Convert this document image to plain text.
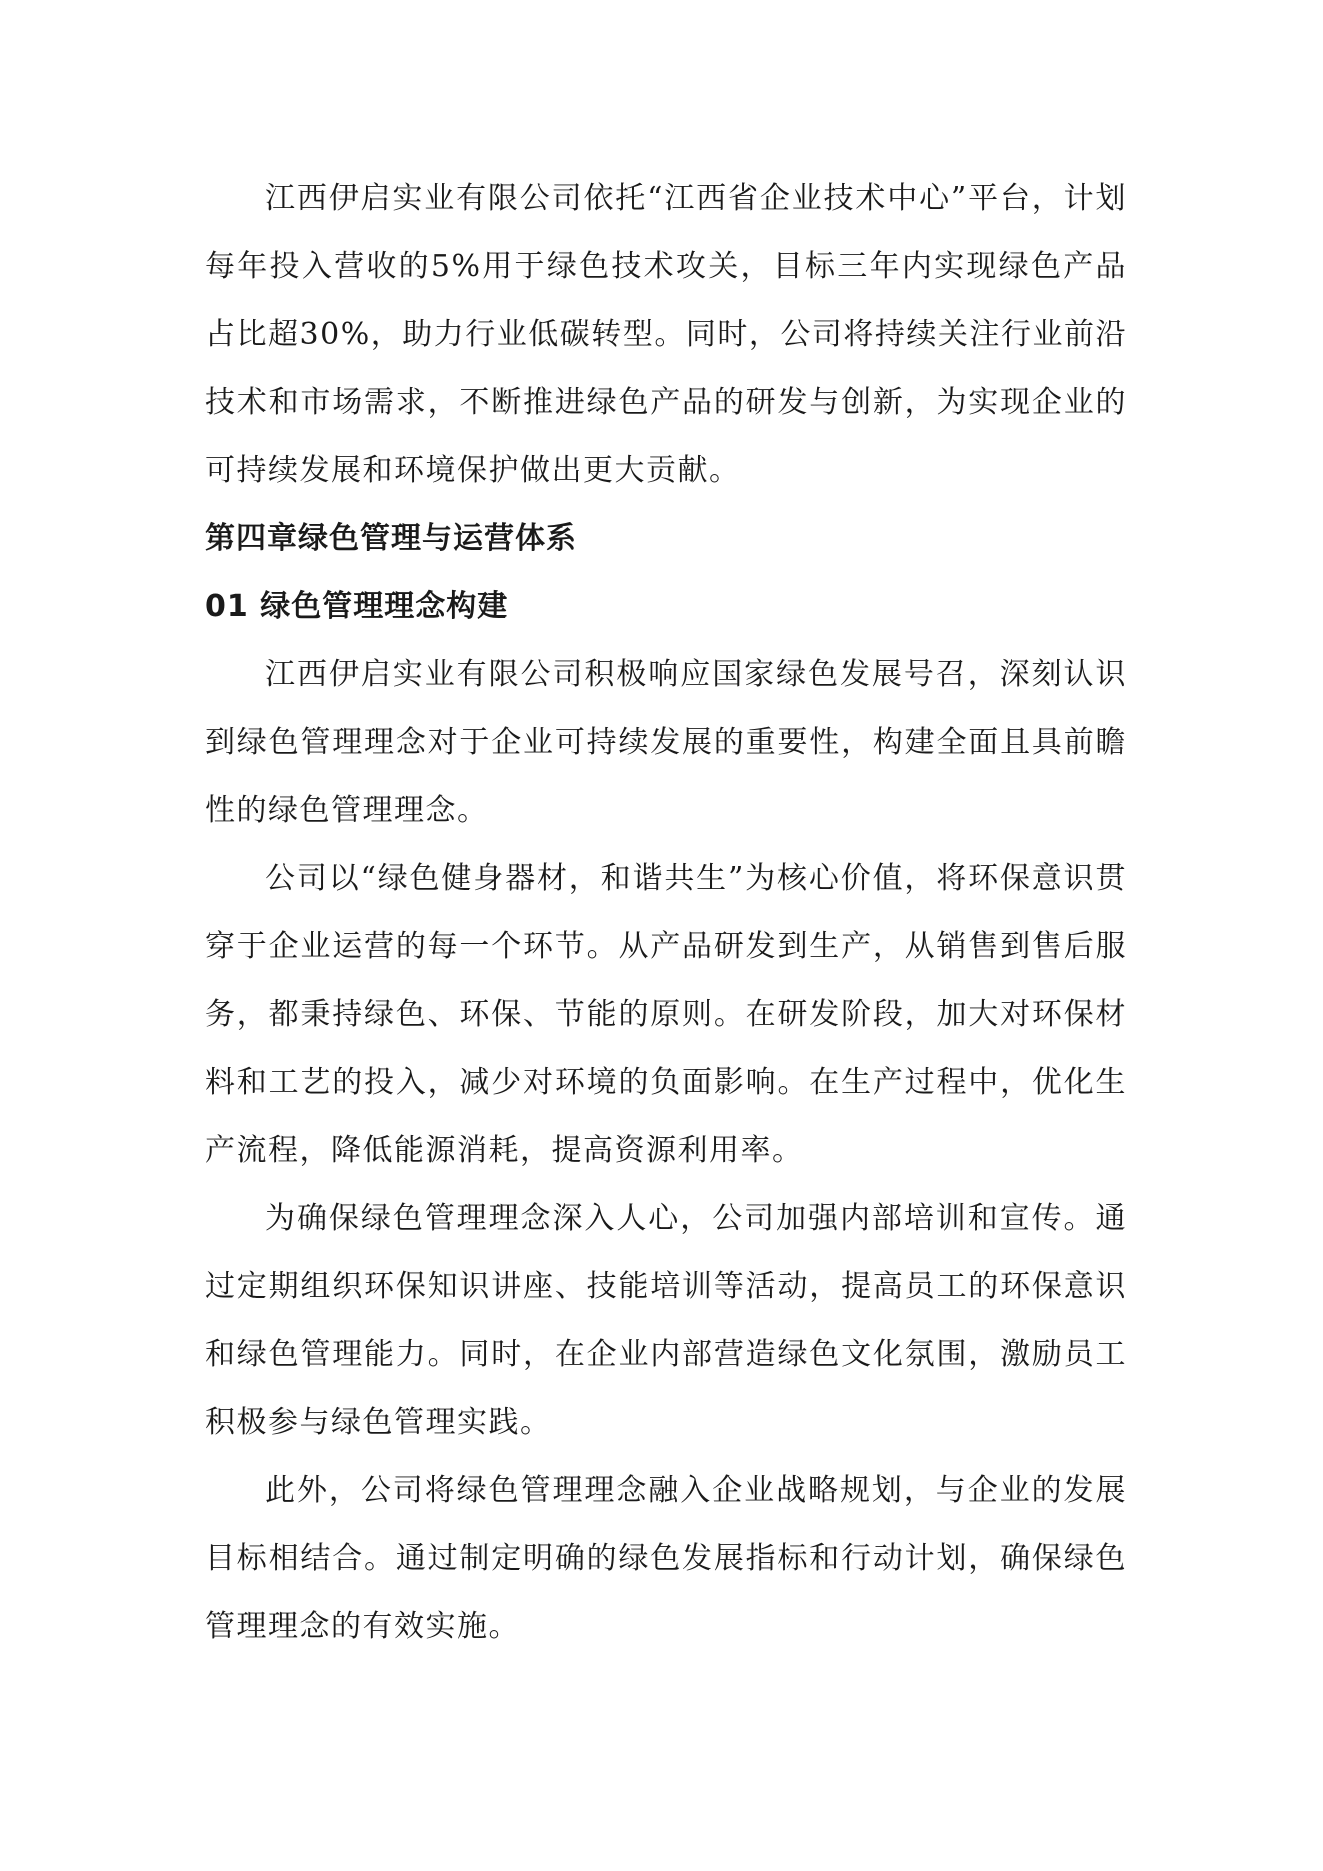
江西伊启实业有限公司依托“江西省企业技术中心”平台，计划每年投入营收的5%用于绿色技术攻关，目标三年内实现绿色产品占比超30%，助力行业低碳转型。同时，公司将持续关注行业前沿技术和市场需求，不断推进绿色产品的研发与创新，为实现企业的可持续发展和环境保护做出更大贡献。

第四章绿色管理与运营体系
01 绿色管理理念构建

江西伊启实业有限公司积极响应国家绿色发展号召，深刻认识到绿色管理理念对于企业可持续发展的重要性，构建全面且具前瞻性的绿色管理理念。

公司以“绿色健身器材，和谐共生”为核心价值，将环保意识贯穿于企业运营的每一个环节。从产品研发到生产，从销售到售后服务，都秉持绿色、环保、节能的原则。在研发阶段，加大对环保材料和工艺的投入，减少对环境的负面影响。在生产过程中，优化生产流程，降低能源消耗，提高资源利用率。

为确保绿色管理理念深入人心，公司加强内部培训和宣传。通过定期组织环保知识讲座、技能培训等活动，提高员工的环保意识和绿色管理能力。同时，在企业内部营造绿色文化氛围，激励员工积极参与绿色管理实践。

此外，公司将绿色管理理念融入企业战略规划，与企业的发展目标相结合。通过制定明确的绿色发展指标和行动计划，确保绿色管理理念的有效实施。
